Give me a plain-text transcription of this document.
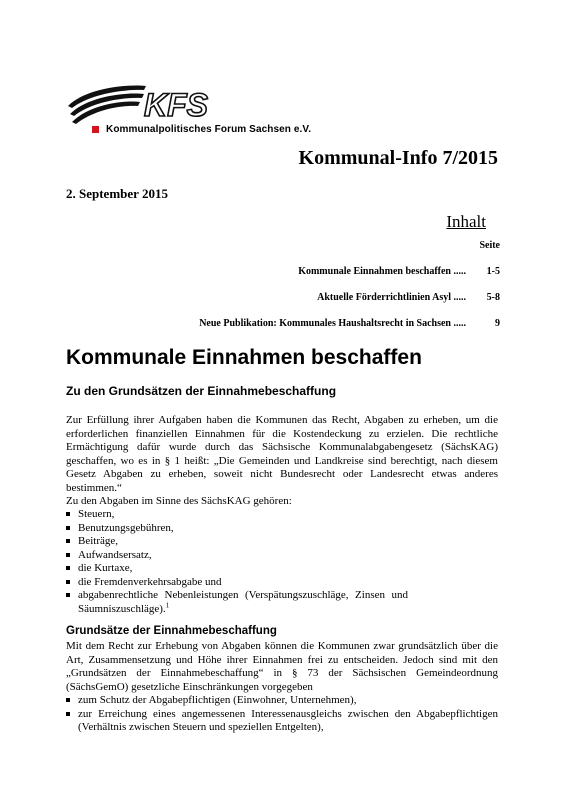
KFS
Kommunalpolitisches Forum Sachsen e.V.
Kommunal-Info 7/2015
2. September 2015
Inhalt
Seite
Kommunale Einnahmen beschaffen .....	1-5
Aktuelle Förderrichtlinien Asyl .....	5-8
Neue Publikation: Kommunales Haushaltsrecht in Sachsen .....	9
Kommunale Einnahmen beschaffen
Zu den Grundsätzen der Einnahmebeschaffung
Zur Erfüllung ihrer Aufgaben haben die Kommunen das Recht, Abgaben zu erheben, um die erforderlichen finanziellen Einnahmen für die Kostendeckung zu erzielen. Die rechtliche Ermächtigung dafür wurde durch das Sächsische Kommunalabgabengesetz (SächsKAG) geschaffen, wo es in § 1 heißt: „Die Gemeinden und Landkreise sind berechtigt, nach diesem Gesetz Abgaben zu erheben, soweit nicht Bundesrecht oder Landesrecht etwas anderes bestimmen.“
Zu den Abgaben im Sinne des SächsKAG gehören:
Steuern,
Benutzungsgebühren,
Beiträge,
Aufwandsersatz,
die Kurtaxe,
die Fremdenverkehrsabgabe und
abgabenrechtliche Nebenleistungen (Verspätungszuschläge, Zinsen und Säumniszuschläge).$^1$
Grundsätze der Einnahmebeschaffung
Mit dem Recht zur Erhebung von Abgaben können die Kommunen zwar grundsätzlich über die Art, Zusammensetzung und Höhe ihrer Einnahmen frei zu entscheiden. Jedoch sind mit den „Grundsätzen der Einnahmebeschaffung“ in § 73 der Sächsischen Gemeindeordnung (SächsGemO) gesetzliche Einschränkungen vorgegeben
zum Schutz der Abgabepflichtigen (Einwohner, Unternehmen),
zur Erreichung eines angemessenen Interessenausgleichs zwischen den Abgabepflichtigen (Verhältnis zwischen Steuern und speziellen Entgelten),
